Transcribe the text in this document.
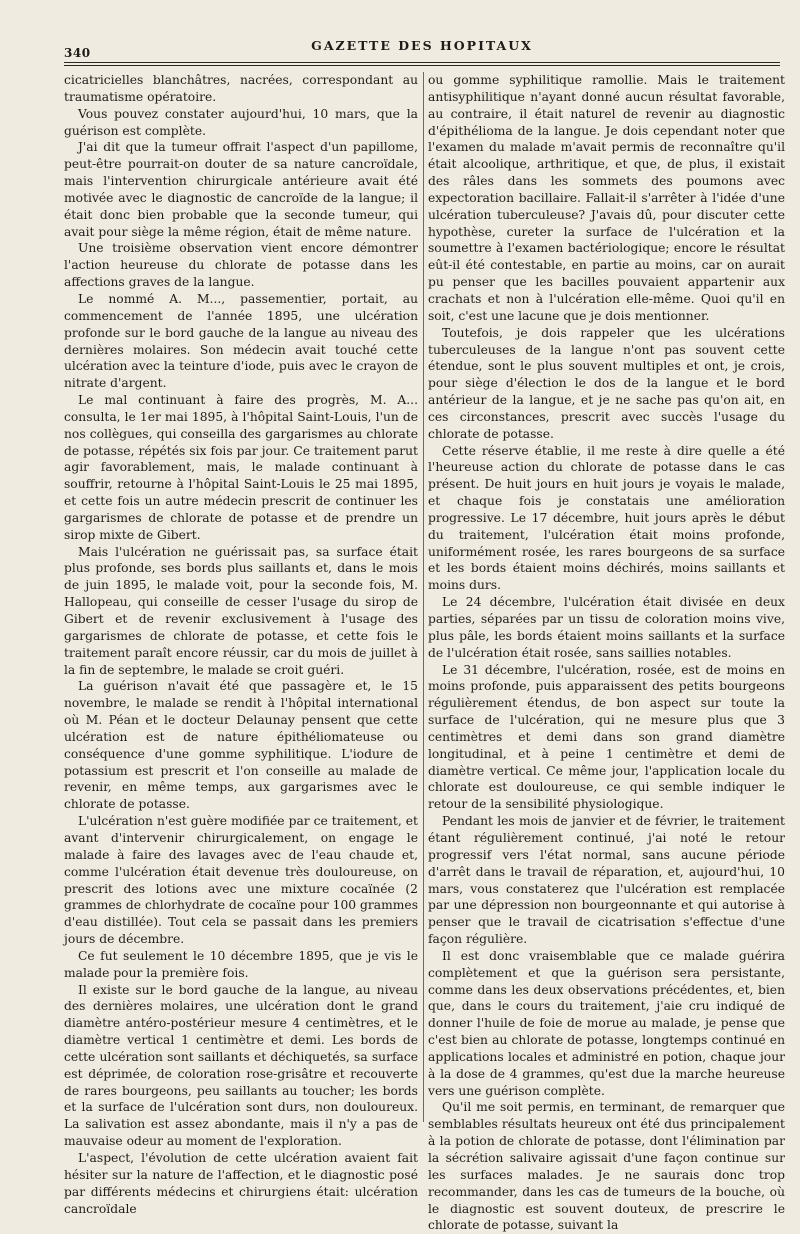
340	GAZETTE DES HOPITAUX

cicatricielles blanchâtres, nacrées, correspondant au traumatisme opératoire.

Vous pouvez constater aujourd'hui, 10 mars, que la guérison est complète.

J'ai dit que la tumeur offrait l'aspect d'un papillome, peut-être pourrait-on douter de sa nature cancroïdale, mais l'intervention chirurgicale antérieure avait été motivée avec le diagnostic de cancroïde de la langue; il était donc bien probable que la seconde tumeur, qui avait pour siège la même région, était de même nature.

Une troisième observation vient encore démontrer l'action heureuse du chlorate de potasse dans les affections graves de la langue.

Le nommé A. M..., passementier, portait, au commencement de l'année 1895, une ulcération profonde sur le bord gauche de la langue au niveau des dernières molaires. Son médecin avait touché cette ulcération avec la teinture d'iode, puis avec le crayon de nitrate d'argent.

Le mal continuant à faire des progrès, M. A... consulta, le 1er mai 1895, à l'hôpital Saint-Louis, l'un de nos collègues, qui conseilla des gargarismes au chlorate de potasse, répétés six fois par jour. Ce traitement parut agir favorablement, mais, le malade continuant à souffrir, retourne à l'hôpital Saint-Louis le 25 mai 1895, et cette fois un autre médecin prescrit de continuer les gargarismes de chlorate de potasse et de prendre un sirop mixte de Gibert.

Mais l'ulcération ne guérissait pas, sa surface était plus profonde, ses bords plus saillants et, dans le mois de juin 1895, le malade voit, pour la seconde fois, M. Hallopeau, qui conseille de cesser l'usage du sirop de Gibert et de revenir exclusivement à l'usage des gargarismes de chlorate de potasse, et cette fois le traitement paraît encore réussir, car du mois de juillet à la fin de septembre, le malade se croit guéri.

La guérison n'avait été que passagère et, le 15 novembre, le malade se rendit à l'hôpital international où M. Péan et le docteur Delaunay pensent que cette ulcération est de nature épithéliomateuse ou conséquence d'une gomme syphilitique. L'iodure de potassium est prescrit et l'on conseille au malade de revenir, en même temps, aux gargarismes avec le chlorate de potasse.

L'ulcération n'est guère modifiée par ce traitement, et avant d'intervenir chirurgicalement, on engage le malade à faire des lavages avec de l'eau chaude et, comme l'ulcération était devenue très douloureuse, on prescrit des lotions avec une mixture cocaïnée (2 grammes de chlorhydrate de cocaïne pour 100 grammes d'eau distillée). Tout cela se passait dans les premiers jours de décembre.

Ce fut seulement le 10 décembre 1895, que je vis le malade pour la première fois.

Il existe sur le bord gauche de la langue, au niveau des dernières molaires, une ulcération dont le grand diamètre antéro-postérieur mesure 4 centimètres, et le diamètre vertical 1 centimètre et demi. Les bords de cette ulcération sont saillants et déchiquetés, sa surface est déprimée, de coloration rose-grisâtre et recouverte de rares bourgeons, peu saillants au toucher; les bords et la surface de l'ulcération sont durs, non douloureux. La salivation est assez abondante, mais il n'y a pas de mauvaise odeur au moment de l'exploration.

L'aspect, l'évolution de cette ulcération avaient fait hésiter sur la nature de l'affection, et le diagnostic posé par différents médecins et chirurgiens était: ulcération cancroïdale

ou gomme syphilitique ramollie. Mais le traitement antisyphilitique n'ayant donné aucun résultat favorable, au contraire, il était naturel de revenir au diagnostic d'épithélioma de la langue. Je dois cependant noter que l'examen du malade m'avait permis de reconnaître qu'il était alcoolique, arthritique, et que, de plus, il existait des râles dans les sommets des poumons avec expectoration bacillaire. Fallait-il s'arrêter à l'idée d'une ulcération tuberculeuse? J'avais dû, pour discuter cette hypothèse, cureter la surface de l'ulcération et la soumettre à l'examen bactériologique; encore le résultat eût-il été contestable, en partie au moins, car on aurait pu penser que les bacilles pouvaient appartenir aux crachats et non à l'ulcération elle-même. Quoi qu'il en soit, c'est une lacune que je dois mentionner.

Toutefois, je dois rappeler que les ulcérations tuberculeuses de la langue n'ont pas souvent cette étendue, sont le plus souvent multiples et ont, je crois, pour siège d'élection le dos de la langue et le bord antérieur de la langue, et je ne sache pas qu'on ait, en ces circonstances, prescrit avec succès l'usage du chlorate de potasse.

Cette réserve établie, il me reste à dire quelle a été l'heureuse action du chlorate de potasse dans le cas présent. De huit jours en huit jours je voyais le malade, et chaque fois je constatais une amélioration progressive. Le 17 décembre, huit jours après le début du traitement, l'ulcération était moins profonde, uniformément rosée, les rares bourgeons de sa surface et les bords étaient moins déchirés, moins saillants et moins durs.

Le 24 décembre, l'ulcération était divisée en deux parties, séparées par un tissu de coloration moins vive, plus pâle, les bords étaient moins saillants et la surface de l'ulcération était rosée, sans saillies notables.

Le 31 décembre, l'ulcération, rosée, est de moins en moins profonde, puis apparaissent des petits bourgeons régulièrement étendus, de bon aspect sur toute la surface de l'ulcération, qui ne mesure plus que 3 centimètres et demi dans son grand diamètre longitudinal, et à peine 1 centimètre et demi de diamètre vertical. Ce même jour, l'application locale du chlorate est douloureuse, ce qui semble indiquer le retour de la sensibilité physiologique.

Pendant les mois de janvier et de février, le traitement étant régulièrement continué, j'ai noté le retour progressif vers l'état normal, sans aucune période d'arrêt dans le travail de réparation, et, aujourd'hui, 10 mars, vous constaterez que l'ulcération est remplacée par une dépression non bourgeonnante et qui autorise à penser que le travail de cicatrisation s'effectue d'une façon régulière.

Il est donc vraisemblable que ce malade guérira complètement et que la guérison sera persistante, comme dans les deux observations précédentes, et, bien que, dans le cours du traitement, j'aie cru indiqué de donner l'huile de foie de morue au malade, je pense que c'est bien au chlorate de potasse, longtemps continué en applications locales et administré en potion, chaque jour à la dose de 4 grammes, qu'est due la marche heureuse vers une guérison complète.

Qu'il me soit permis, en terminant, de remarquer que semblables résultats heureux ont été dus principalement à la potion de chlorate de potasse, dont l'élimination par la sécrétion salivaire agissait d'une façon continue sur les surfaces malades. Je ne saurais donc trop recommander, dans les cas de tumeurs de la bouche, où le diagnostic est souvent douteux, de prescrire le chlorate de potasse, suivant la
